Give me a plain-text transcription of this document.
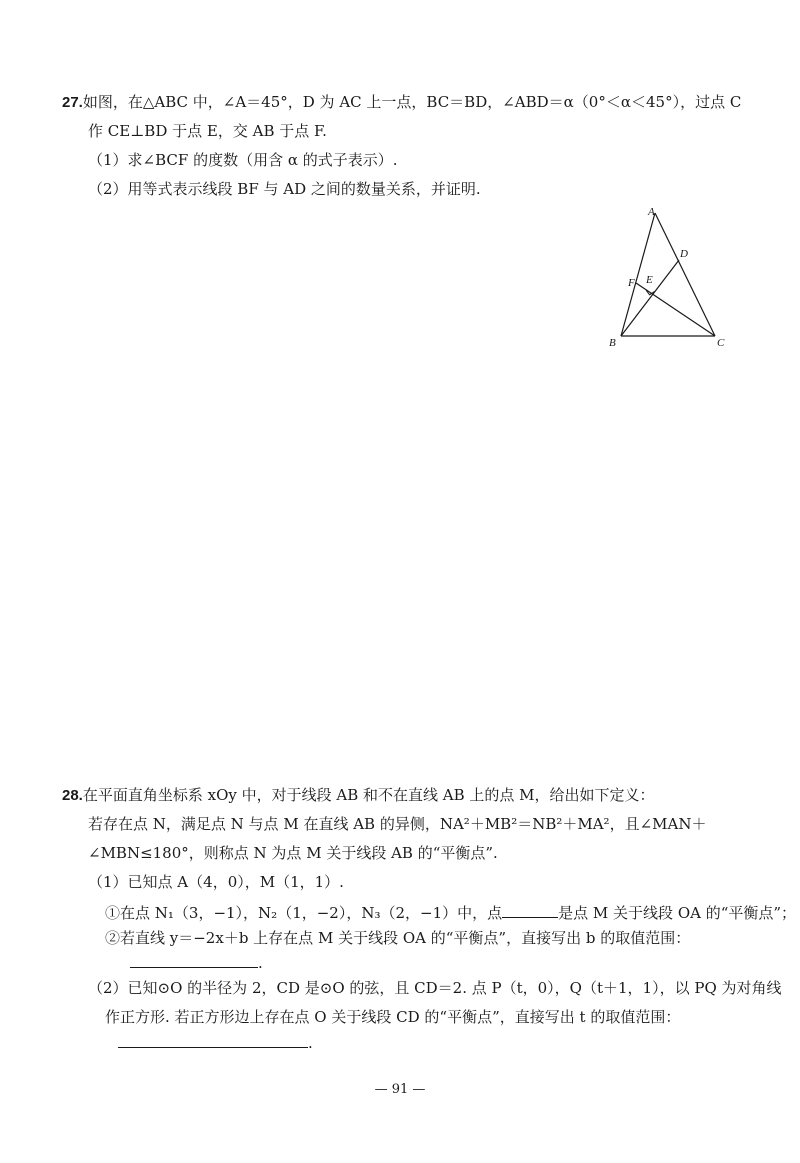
27.如图，在△ABC 中，∠A＝45°，D 为 AC 上一点，BC＝BD，∠ABD＝α（0°＜α＜45°），过点 C
作 CE⊥BD 于点 E，交 AB 于点 F.
（1）求∠BCF 的度数（用含 α 的式子表示）.
（2）用等式表示线段 BF 与 AD 之间的数量关系，并证明.
A
D
E
F
B	C
28.在平面直角坐标系 xOy 中，对于线段 AB 和不在直线 AB 上的点 M，给出如下定义：
若存在点 N，满足点 N 与点 M 在直线 AB 的异侧，NA²＋MB²＝NB²＋MA²，且∠MAN＋
∠MBN≤180°，则称点 N 为点 M 关于线段 AB 的“平衡点”.
（1）已知点 A（4，0），M（1，1）.
①在点 N₁（3，−1），N₂（1，−2），N₃（2，−1）中，点	是点 M 关于线段 OA 的“平衡点”；
②若直线 y＝−2x＋b 上存在点 M 关于线段 OA 的“平衡点”，直接写出 b 的取值范围：
.
（2）已知⊙O 的半径为 2，CD 是⊙O 的弦，且 CD＝2. 点 P（t，0），Q（t＋1，1），以 PQ 为对角线
作正方形. 若正方形边上存在点 O 关于线段 CD 的“平衡点”，直接写出 t 的取值范围：
.
— 91 —
